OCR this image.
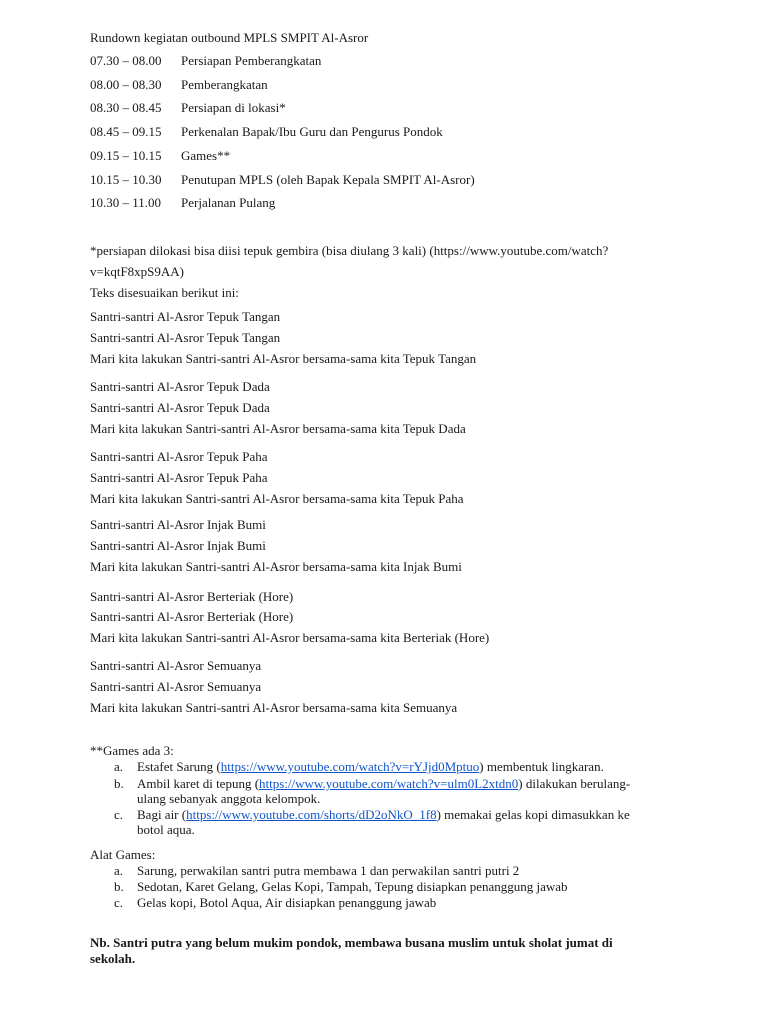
Rundown kegiatan outbound MPLS SMPIT Al-Asror
07.30 – 08.00 Persiapan Pemberangkatan
08.00 – 08.30 Pemberangkatan
08.30 – 08.45 Persiapan di lokasi*
08.45 – 09.15 Perkenalan Bapak/Ibu Guru dan Pengurus Pondok
09.15 – 10.15 Games**
10.15 – 10.30 Penutupan MPLS (oleh Bapak Kepala SMPIT Al-Asror)
10.30 – 11.00 Perjalanan Pulang
*persiapan dilokasi bisa diisi tepuk gembira (bisa diulang 3 kali) (https://www.youtube.com/watch?
v=kqtF8xpS9AA)
Teks disesuaikan berikut ini:
Santri-santri Al-Asror Tepuk Tangan
Santri-santri Al-Asror Tepuk Tangan
Mari kita lakukan Santri-santri Al-Asror bersama-sama kita Tepuk Tangan
Santri-santri Al-Asror Tepuk Dada
Santri-santri Al-Asror Tepuk Dada
Mari kita lakukan Santri-santri Al-Asror bersama-sama kita Tepuk Dada
Santri-santri Al-Asror Tepuk Paha
Santri-santri Al-Asror Tepuk Paha
Mari kita lakukan Santri-santri Al-Asror bersama-sama kita Tepuk Paha
Santri-santri Al-Asror Injak Bumi
Santri-santri Al-Asror Injak Bumi
Mari kita lakukan Santri-santri Al-Asror bersama-sama kita Injak Bumi
Santri-santri Al-Asror Berteriak (Hore)
Santri-santri Al-Asror Berteriak (Hore)
Mari kita lakukan Santri-santri Al-Asror bersama-sama kita Berteriak (Hore)
Santri-santri Al-Asror Semuanya
Santri-santri Al-Asror Semuanya
Mari kita lakukan Santri-santri Al-Asror bersama-sama kita Semuanya
**Games ada 3:
a. Estafet Sarung (https://www.youtube.com/watch?v=rYJjd0Mptuo) membentuk lingkaran.
b. Ambil karet di tepung (https://www.youtube.com/watch?v=ulm0L2xtdn0) dilakukan berulang-
ulang sebanyak anggota kelompok.
c. Bagi air (https://www.youtube.com/shorts/dD2oNkO_1f8) memakai gelas kopi dimasukkan ke
botol aqua.
Alat Games:
a. Sarung, perwakilan santri putra membawa 1 dan perwakilan santri putri 2
b. Sedotan, Karet Gelang, Gelas Kopi, Tampah, Tepung disiapkan penanggung jawab
c. Gelas kopi, Botol Aqua, Air disiapkan penanggung jawab
Nb. Santri putra yang belum mukim pondok, membawa busana muslim untuk sholat jumat di
sekolah.
